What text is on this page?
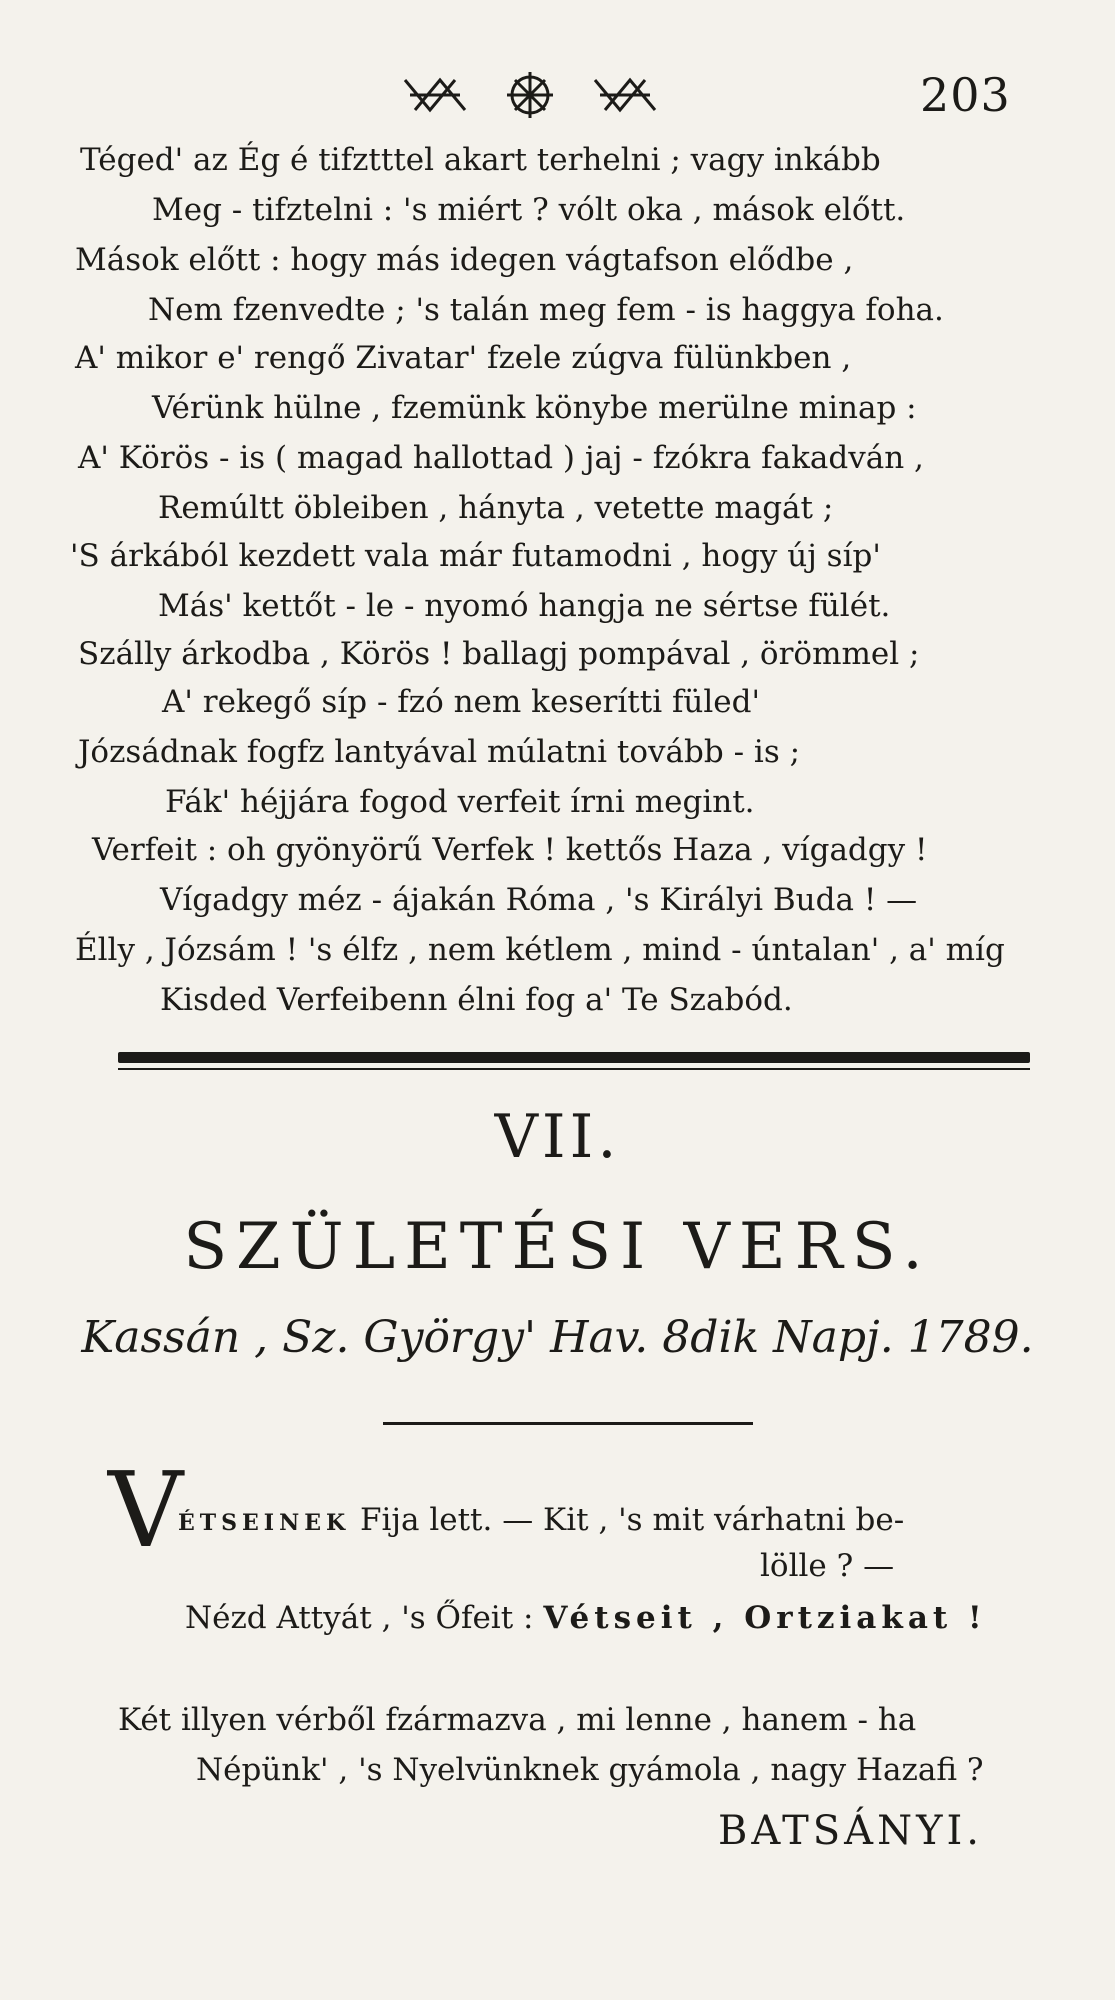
203
Téged' az Ég é tifztttel akart terhelni ; vagy inkább
Meg - tifztelni : 's miért ? vólt oka , mások előtt.
Mások előtt : hogy más idegen vágtafson elődbe ,
Nem fzenvedte ; 's talán meg fem - is haggya foha.
A' mikor e' rengő Zivatar' fzele zúgva fülünkben ,
Vérünk hülne , fzemünk könybe merülne minap :
A' Körös - is ( magad hallottad ) jaj - fzókra fakadván ,
Remúltt öbleiben , hányta , vetette magát ;
'S árkából kezdett vala már futamodni , hogy új síp'
Más' kettőt - le - nyomó hangja ne sértse fülét.
Szálly árkodba , Körös ! ballagj pompával , örömmel ;
A' rekegő síp - fzó nem keserítti füled'
Józsádnak fogfz lantyával múlatni tovább - is ;
Fák' héjjára fogod verfeit írni megint.
Verfeit : oh gyönyörű Verfek ! kettős Haza , vígadgy !
Vígadgy méz - ájakán Róma , 's Királyi Buda ! —
Élly , Józsám ! 's élfz , nem kétlem , mind - úntalan' , a' míg
Kisded Verfeibenn élni fog a' Te Szabód.
VII.
SZÜLETÉSI VERS.
Kassán , Sz. György' Hav. 8dik Napj. 1789.
V
ÉTSEINEK Fija lett. — Kit , 's mit várhatni be-
lölle ? —
Nézd Attyát , 's Őfeit : Vétseit , Ortziakat !
Két illyen vérből fzármazva , mi lenne , hanem - ha
Népünk' , 's Nyelvünknek gyámola , nagy Hazafi ?
BATSÁNYI.
